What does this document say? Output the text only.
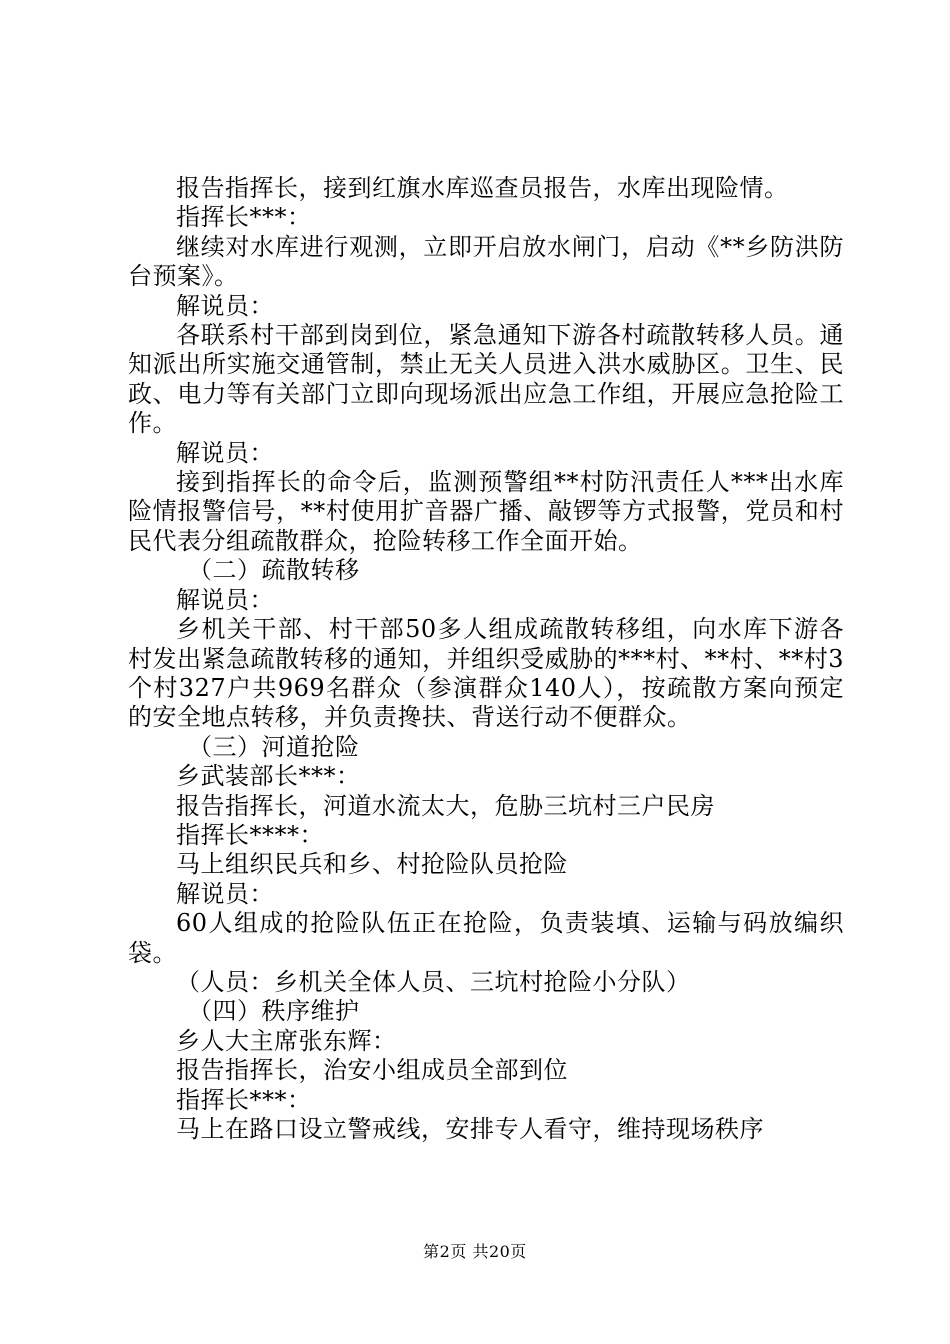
报告指挥长，接到红旗水库巡查员报告，水库出现险情。

指挥长***：

继续对水库进行观测，立即开启放水闸门，启动《**乡防洪防台预案》。

解说员：

各联系村干部到岗到位，紧急通知下游各村疏散转移人员。通知派出所实施交通管制，禁止无关人员进入洪水威胁区。卫生、民政、电力等有关部门立即向现场派出应急工作组，开展应急抢险工作。

解说员：

接到指挥长的命令后，监测预警组**村防汛责任人***出水库险情报警信号，**村使用扩音器广播、敲锣等方式报警，党员和村民代表分组疏散群众，抢险转移工作全面开始。

（二）疏散转移

解说员：

乡机关干部、村干部50多人组成疏散转移组，向水库下游各村发出紧急疏散转移的通知，并组织受威胁的***村、**村、**村3个村327户共969名群众（参演群众140人），按疏散方案向预定的安全地点转移，并负责搀扶、背送行动不便群众。

（三）河道抢险

乡武装部长***：

报告指挥长，河道水流太大，危胁三坑村三户民房

指挥长****：

马上组织民兵和乡、村抢险队员抢险

解说员：

60人组成的抢险队伍正在抢险，负责装填、运输与码放编织袋。

（人员：乡机关全体人员、三坑村抢险小分队）

（四）秩序维护

乡人大主席张东辉：

报告指挥长，治安小组成员全部到位

指挥长***：

马上在路口设立警戒线，安排专人看守，维持现场秩序

第2页 共20页
